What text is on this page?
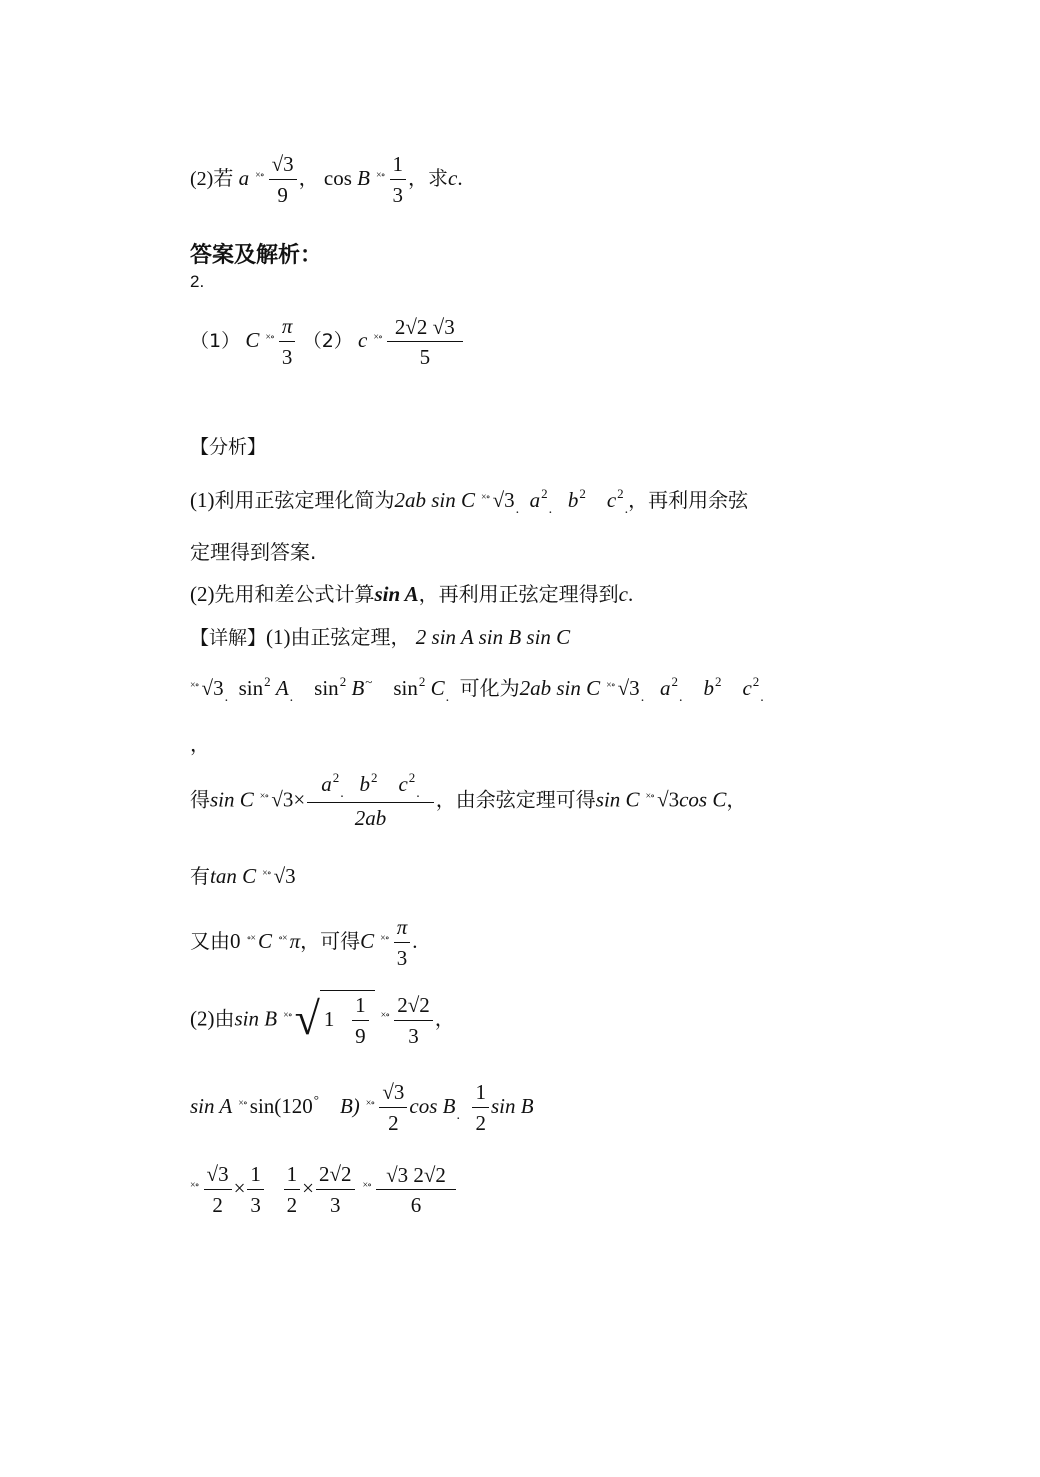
(2)若 a $^{\times\circ} \frac{√3}{9}$ ， cos B $^{\times\circ} \frac{1}{3}$ ，求c.
答案及解析：
2.
（1） C $^{\times\circ} \frac{\pi}{3} (2)$ c $^{\times\circ} \frac{2√2 √3}{5}$
【分析】
(1)利用正弦定理化简为2ab sin C ×∘ $√3_.$ $a^2_.$ $b^2$ $c^2_.$，再利用余弦
定理得到答案.
(2)先用和差公式计算sin A，再利用正弦定理得到c.
【详解】(1)由正弦定理， 2 sin A sin B sin C
×∘ $√3_.$ $\sin^2 A_.$ $\sin^2 B^\sim$ $\sin^2 C_.$ 可化为2ab sin C ×∘ $√3_.$ $a^2_.$ $b^2$ $c^2_.$
，
得sin C ×∘ $√3\times \frac{a^2_. b^2 c^2_.}{2ab}$ ，由余弦定理可得sin C ×∘ √3cos C，
有tan C ×∘ √3
又由0 ∘× C ∘× π，可得C $^{\times\circ} \frac{\pi}{3}$ .
(2)由sin B ×∘√ $1 \frac{1}{9} ^{\times\circ} \frac{2√2}{3}$ ，
sin A ×∘ sin(120° B) $^{\times\circ} \frac{√3}{2}$ $\cos B_. \frac{1}{2}$ sin B
$^{\times\circ} \frac{√3}{2} \times \frac{1}{3}$
$\frac{1}{2} \times \frac{2√2}{3} ^{\times\circ} \frac{√3 2√2}{6}$
